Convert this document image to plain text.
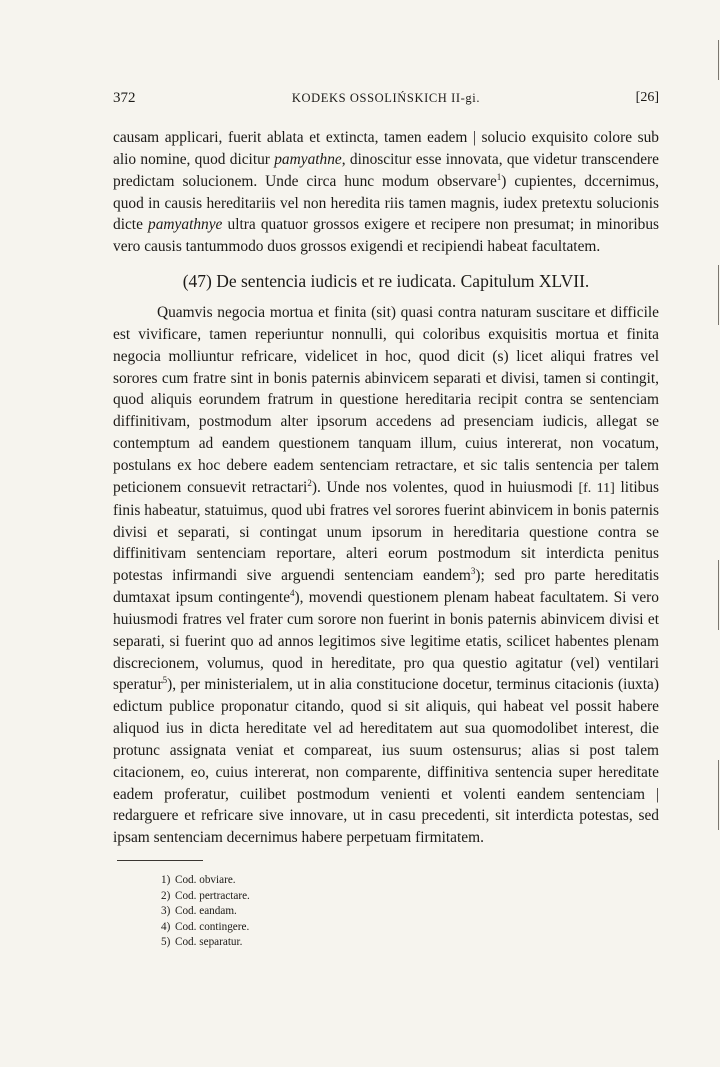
372	KODEKS OSSOLIŃSKICH II-gi.	[26]

causam applicari, fuerit ablata et extincta, tamen eadem | solucio exquisito colore sub alio nomine, quod dicitur pamyathne, dinoscitur esse innovata, que videtur transcendere predictam solucionem. Unde circa hunc modum observare$^1$) cupientes, dccernimus, quod in causis hereditariis vel non heredita riis tamen magnis, iudex pretextu solucionis dicte pamyathnye ultra quatuor grossos exigere et recipere non presumat; in minoribus vero causis tantummodo duos grossos exigendi et recipiendi habeat facultatem.

(47) De sentencia iudicis et re iudicata. Capitulum XLVII.

Quamvis negocia mortua et finita (sit) quasi contra naturam suscitare et difficile est vivificare, tamen reperiuntur nonnulli, qui coloribus exquisitis mortua et finita negocia molliuntur refricare, videlicet in hoc, quod dicit (s) licet aliqui fratres vel sorores cum fratre sint in bonis paternis abinvicem separati et divisi, tamen si contingit, quod aliquis eorundem fratrum in questione hereditaria recipit contra se sentenciam diffinitivam, postmodum alter ipsorum accedens ad presenciam iudicis, allegat se contemptum ad eandem questionem tanquam illum, cuius intererat, non vocatum, postulans ex hoc debere eadem sentenciam retractare, et sic talis sentencia per talem peticionem consuevit retractari$^2$). Unde nos volentes, quod in huiusmodi [f. 11] litibus finis habeatur, statuimus, quod ubi fratres vel sorores fuerint abinvicem in bonis paternis divisi et separati, si contingat unum ipsorum in hereditaria questione contra se diffinitivam sentenciam reportare, alteri eorum postmodum sit interdicta penitus potestas infirmandi sive arguendi sentenciam eandem$^3$); sed pro parte hereditatis dumtaxat ipsum contingente$^4$), movendi questionem plenam habeat facultatem. Si vero huiusmodi fratres vel frater cum sorore non fuerint in bonis paternis abinvicem divisi et separati, si fuerint quo ad annos legitimos sive legitime etatis, scilicet habentes plenam discrecionem, volumus, quod in hereditate, pro qua questio agitatur (vel) ventilari speratur$^5$), per ministerialem, ut in alia constitucione docetur, terminus citacionis (iuxta) edictum publice proponatur citando, quod si sit aliquis, qui habeat vel possit habere aliquod ius in dicta hereditate vel ad hereditatem aut sua quomodolibet interest, die protunc assignata veniat et compareat, ius suum ostensurus; alias si post talem citacionem, eo, cuius intererat, non comparente, diffinitiva sentencia super hereditate eadem proferatur, cuilibet postmodum venienti et volenti eandem sentenciam | redarguere et refricare sive innovare, ut in casu precedenti, sit interdicta potestas, sed ipsam sentenciam decernimus habere perpetuam firmitatem.

1) Cod. obviare.
2) Cod. pertractare.
3) Cod. eandam.
4) Cod. contingere.
5) Cod. separatur.
